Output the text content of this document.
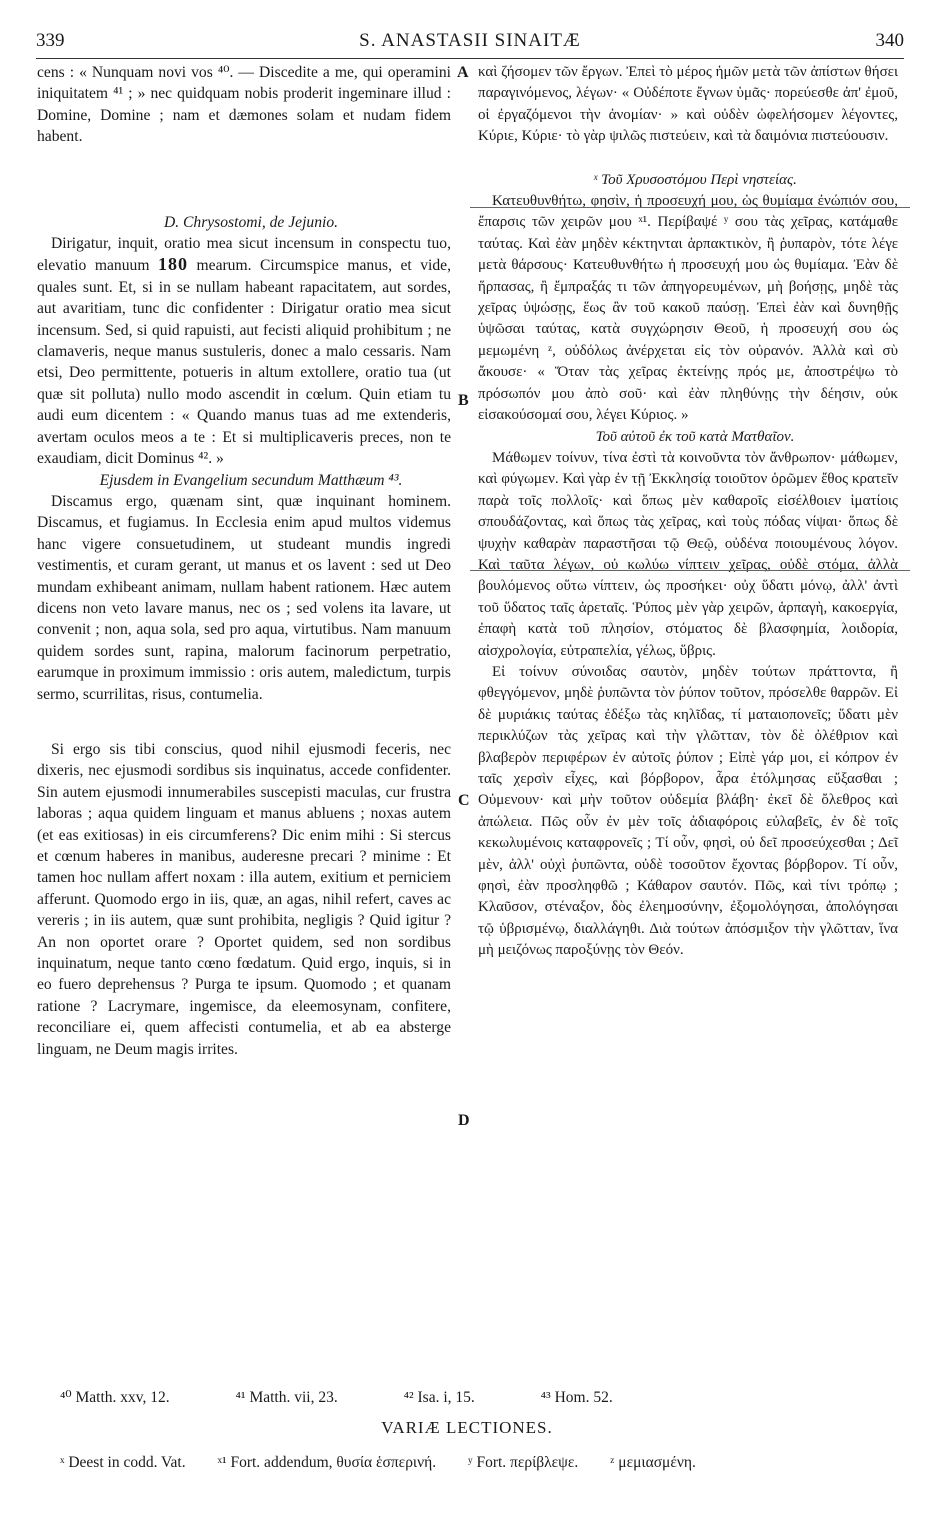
339	S. ANASTASII SINAITÆ	340

cens : « Nunquam novi vos ⁴⁰. — Discedite a me, qui operamini iniquitatem ⁴¹ ; » nec quidquam nobis proderit ingeminare illud : Domine, Domine ; nam et dæmones solam et nudam fidem habent.

D. Chrysostomi, de Jejunio.

Dirigatur, inquit, oratio mea sicut incensum in conspectu tuo, elevatio manuum 180 mearum. Circumspice manus, et vide, quales sunt. Et, si in se nullam habeant rapacitatem, aut sordes, aut avaritiam, tunc dic confidenter : Dirigatur oratio mea sicut incensum. Sed, si quid rapuisti, aut fecisti aliquid prohibitum ; ne clamaveris, neque manus sustuleris, donec a malo cessaris. Nam etsi, Deo permittente, potueris in altum extollere, oratio tua (ut quæ sit polluta) nullo modo ascendit in cœlum. Quin etiam tu audi eum dicentem : « Quando manus tuas ad me extenderis, avertam oculos meos a te : Et si multiplicaveris preces, non te exaudiam, dicit Dominus ⁴². »

Ejusdem in Evangelium secundum Matthæum ⁴³.

Discamus ergo, quænam sint, quæ inquinant hominem. Discamus, et fugiamus. In Ecclesia enim apud multos videmus hanc vigere consuetudinem, ut studeant mundis ingredi vestimentis, et curam gerant, ut manus et os lavent : sed ut Deo mundam exhibeant animam, nullam habent rationem. Hæc autem dicens non veto lavare manus, nec os ; sed volens ita lavare, ut convenit ; non, aqua sola, sed pro aqua, virtutibus. Nam manuum quidem sordes sunt, rapina, malorum facinorum perpetratio, earumque in proximum immissio : oris autem, maledictum, turpis sermo, scurrilitas, risus, contumelia.

Si ergo sis tibi conscius, quod nihil ejusmodi feceris, nec dixeris, nec ejusmodi sordibus sis inquinatus, accede confidenter. Sin autem ejusmodi innumerabiles suscepisti maculas, cur frustra laboras ; aqua quidem linguam et manus abluens ; noxas autem (et eas exitiosas) in eis circumferens? Dic enim mihi : Si stercus et cœnum haberes in manibus, auderesne precari ? minime : Et tamen hoc nullam affert noxam : illa autem, exitium et perniciem afferunt. Quomodo ergo in iis, quæ, an agas, nihil refert, caves ac vereris ; in iis autem, quæ sunt prohibita, negligis ? Quid igitur ? An non oportet orare ? Oportet quidem, sed non sordibus inquinatum, neque tanto cœno fœdatum. Quid ergo, inquis, si in eo fuero deprehensus ? Purga te ipsum. Quomodo ; et quanam ratione ? Lacrymare, ingemisce, da eleemosynam, confitere, reconciliare ei, quem affecisti contumelia, et ab ea absterge linguam, ne Deum magis irrites.

A
B
C
D

καὶ ζήσομεν τῶν ἔργων. Ἐπεὶ τὸ μέρος ἡμῶν μετὰ τῶν ἀπίστων θήσει παραγινόμενος, λέγων· « Οὐδέποτε ἔγνων ὑμᾶς· πορεύεσθε ἀπ' ἐμοῦ, οἱ ἐργαζόμενοι τὴν ἀνομίαν· » καὶ οὐδὲν ὠφελήσομεν λέγοντες, Κύριε, Κύριε· τὸ γὰρ ψιλῶς πιστεύειν, καὶ τὰ δαιμόνια πιστεύουσιν.

ˣ Τοῦ Χρυσοστόμου Περὶ νηστείας.

Κατευθυνθήτω, φησὶν, ἡ προσευχή μου, ὡς θυμίαμα ἐνώπιόν σου, ἔπαρσις τῶν χειρῶν μου ˣ¹. Περίβαψέ ʸ σου τὰς χεῖρας, κατάμαθε ταύτας. Καὶ ἐὰν μηδὲν κέκτηνται ἁρπακτικὸν, ἢ ῥυπαρὸν, τότε λέγε μετὰ θάρσους· Κατευθυνθήτω ἡ προσευχή μου ὡς θυμίαμα. Ἐὰν δὲ ἥρπασας, ἢ ἔμπραξάς τι τῶν ἀπηγορευμένων, μὴ βοήσῃς, μηδὲ τὰς χεῖρας ὑψώσῃς, ἕως ἂν τοῦ κακοῦ παύσῃ. Ἐπεὶ ἐὰν καὶ δυνηθῇς ὑψῶσαι ταύτας, κατὰ συγχώρησιν Θεοῦ, ἡ προσευχή σου ὡς μεμωμένη ᶻ, οὐδόλως ἀνέρχεται εἰς τὸν οὐρανόν. Ἀλλὰ καὶ σὺ ἄκουσε· « Ὅταν τὰς χεῖρας ἐκτείνῃς πρός με, ἀποστρέψω τὸ πρόσωπόν μου ἀπὸ σοῦ· καὶ ἐὰν πληθύνῃς τὴν δέησιν, οὐκ εἰσακούσομαί σου, λέγει Κύριος. »

Τοῦ αὐτοῦ ἐκ τοῦ κατὰ Ματθαῖον.

Μάθωμεν τοίνυν, τίνα ἐστὶ τὰ κοινοῦντα τὸν ἄνθρωπον· μάθωμεν, καὶ φύγωμεν. Καὶ γὰρ ἐν τῇ Ἐκκλησίᾳ τοιοῦτον ὁρῶμεν ἔθος κρατεῖν παρὰ τοῖς πολλοῖς· καὶ ὅπως μὲν καθαροῖς εἰσέλθοιεν ἱματίοις σπουδάζοντας, καὶ ὅπως τὰς χεῖρας, καὶ τοὺς πόδας νίψαι· ὅπως δὲ ψυχὴν καθαρὰν παραστῆσαι τῷ Θεῷ, οὐδένα ποιουμένους λόγον. Καὶ ταῦτα λέγων, οὐ κωλύω νίπτειν χεῖρας, οὐδὲ στόμα, ἀλλὰ βουλόμενος οὕτω νίπτειν, ὡς προσήκει· οὐχ ὕδατι μόνῳ, ἀλλ' ἀντὶ τοῦ ὕδατος ταῖς ἀρεταῖς. Ῥύπος μὲν γὰρ χειρῶν, ἁρπαγὴ, κακοεργία, ἐπαφὴ κατὰ τοῦ πλησίον, στόματος δὲ βλασφημία, λοιδορία, αἰσχρολογία, εὐτραπελία, γέλως, ὕβρις.

Εἰ τοίνυν σύνοιδας σαυτὸν, μηδὲν τούτων πράττοντα, ἢ φθεγγόμενον, μηδὲ ῥυπῶντα τὸν ῥύπον τοῦτον, πρόσελθε θαρρῶν. Εἰ δὲ μυριάκις ταύτας ἐδέξω τὰς κηλῖδας, τί ματαιοπονεῖς; ὕδατι μὲν περικλύζων τὰς χεῖρας καὶ τὴν γλῶτταν, τὸν δὲ ὀλέθριον καὶ βλαβερὸν περιφέρων ἐν αὐτοῖς ῥύπον ; Εἰπὲ γάρ μοι, εἰ κόπρον ἐν ταῖς χερσὶν εἶχες, καὶ βόρβορον, ἆρα ἐτόλμησας εὔξασθαι ; Οὐμενουν· καὶ μὴν τοῦτον οὐδεμία βλάβη· ἐκεῖ δὲ ὄλεθρος καὶ ἀπώλεια. Πῶς οὖν ἐν μὲν τοῖς ἀδιαφόροις εὐλαβεῖς, ἐν δὲ τοῖς κεκωλυμένοις καταφρονεῖς ; Τί οὖν, φησὶ, οὐ δεῖ προσεύχεσθαι ; Δεῖ μὲν, ἀλλ' οὐχὶ ῥυπῶντα, οὐδὲ τοσοῦτον ἔχοντας βόρβορον. Τί οὖν, φησὶ, ἐὰν προσληφθῶ ; Κάθαρον σαυτόν. Πῶς, καὶ τίνι τρόπῳ ; Κλαῦσον, στέναξον, δὸς ἐλεημοσύνην, ἐξομολόγησαι, ἀπολόγησαι τῷ ὑβρισμένῳ, διαλλάγηθι. Διὰ τούτων ἀπόσμιξον τὴν γλῶτταν, ἵνα μὴ μειζόνως παροξύνῃς τὸν Θεόν.

⁴⁰ Matth. xxv, 12.	⁴¹ Matth. vii, 23.	⁴² Isa. i, 15.	⁴³ Hom. 52.
VARIÆ LECTIONES.
ˣ Deest in codd. Vat. ˣ¹ Fort. addendum, θυσία ἑσπερινή. ʸ Fort. περίβλεψε. ᶻ μεμιασμένη.
